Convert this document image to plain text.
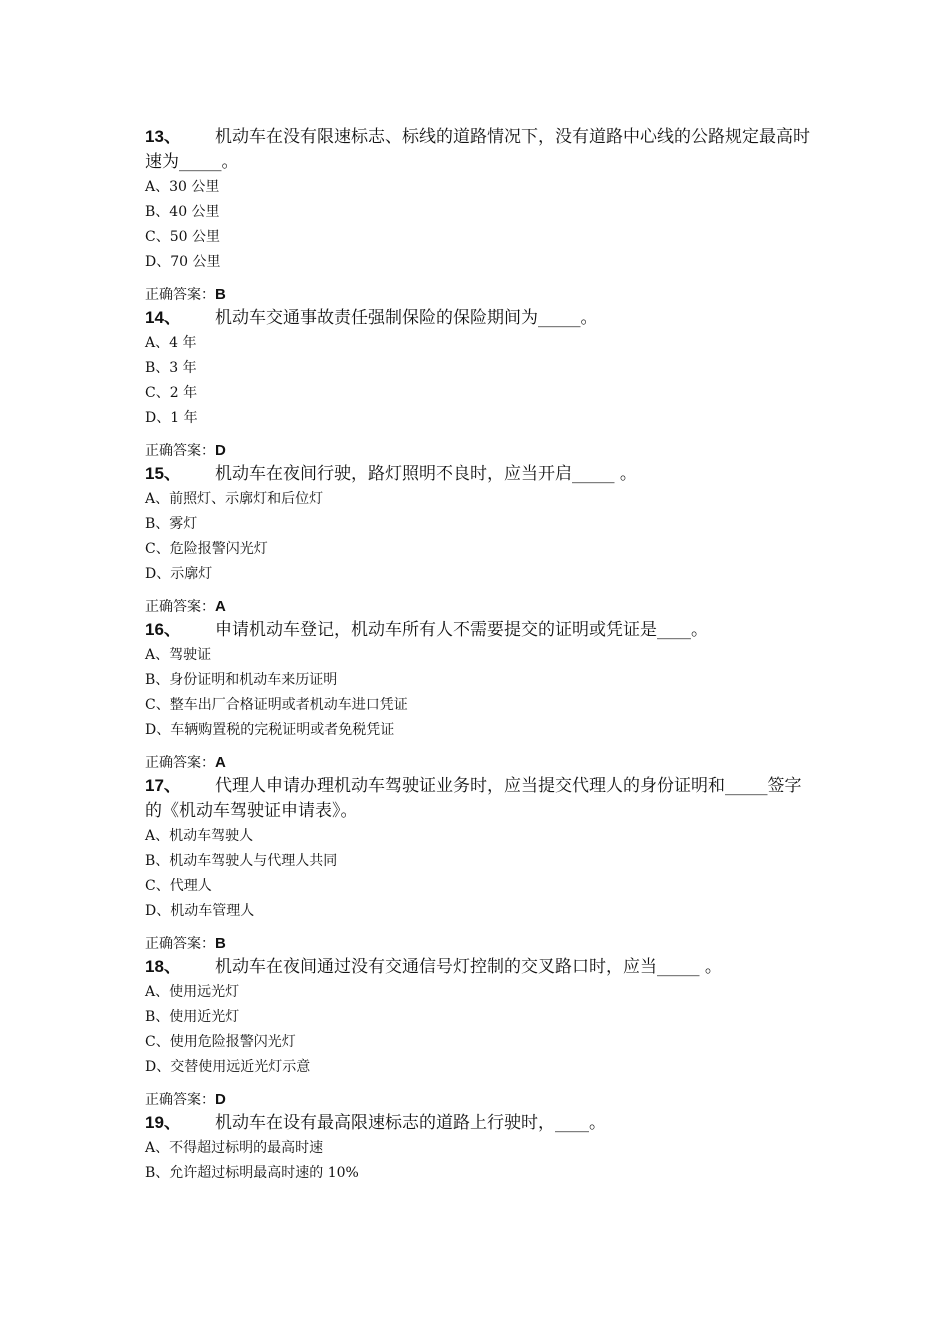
13、 机动车在没有限速标志、标线的道路情况下，没有道路中心线的公路规定最高时速为_____。

A、30 公里

B、40 公里

C、50 公里

D、70 公里

正确答案：B

14、 机动车交通事故责任强制保险的保险期间为_____。

A、4 年

B、3 年

C、2 年

D、1 年

正确答案：D

15、 机动车在夜间行驶，路灯照明不良时，应当开启_____ 。

A、前照灯、示廓灯和后位灯

B、雾灯

C、危险报警闪光灯

D、示廓灯

正确答案：A

16、 申请机动车登记，机动车所有人不需要提交的证明或凭证是____。

A、驾驶证

B、身份证明和机动车来历证明

C、整车出厂合格证明或者机动车进口凭证

D、车辆购置税的完税证明或者免税凭证

正确答案：A

17、 代理人申请办理机动车驾驶证业务时，应当提交代理人的身份证明和_____签字的《机动车驾驶证申请表》。

A、机动车驾驶人

B、机动车驾驶人与代理人共同

C、代理人

D、机动车管理人

正确答案：B

18、 机动车在夜间通过没有交通信号灯控制的交叉路口时，应当_____ 。

A、使用远光灯

B、使用近光灯

C、使用危险报警闪光灯

D、交替使用远近光灯示意

正确答案：D

19、 机动车在设有最高限速标志的道路上行驶时，____。

A、不得超过标明的最高时速

B、允许超过标明最高时速的 10%
